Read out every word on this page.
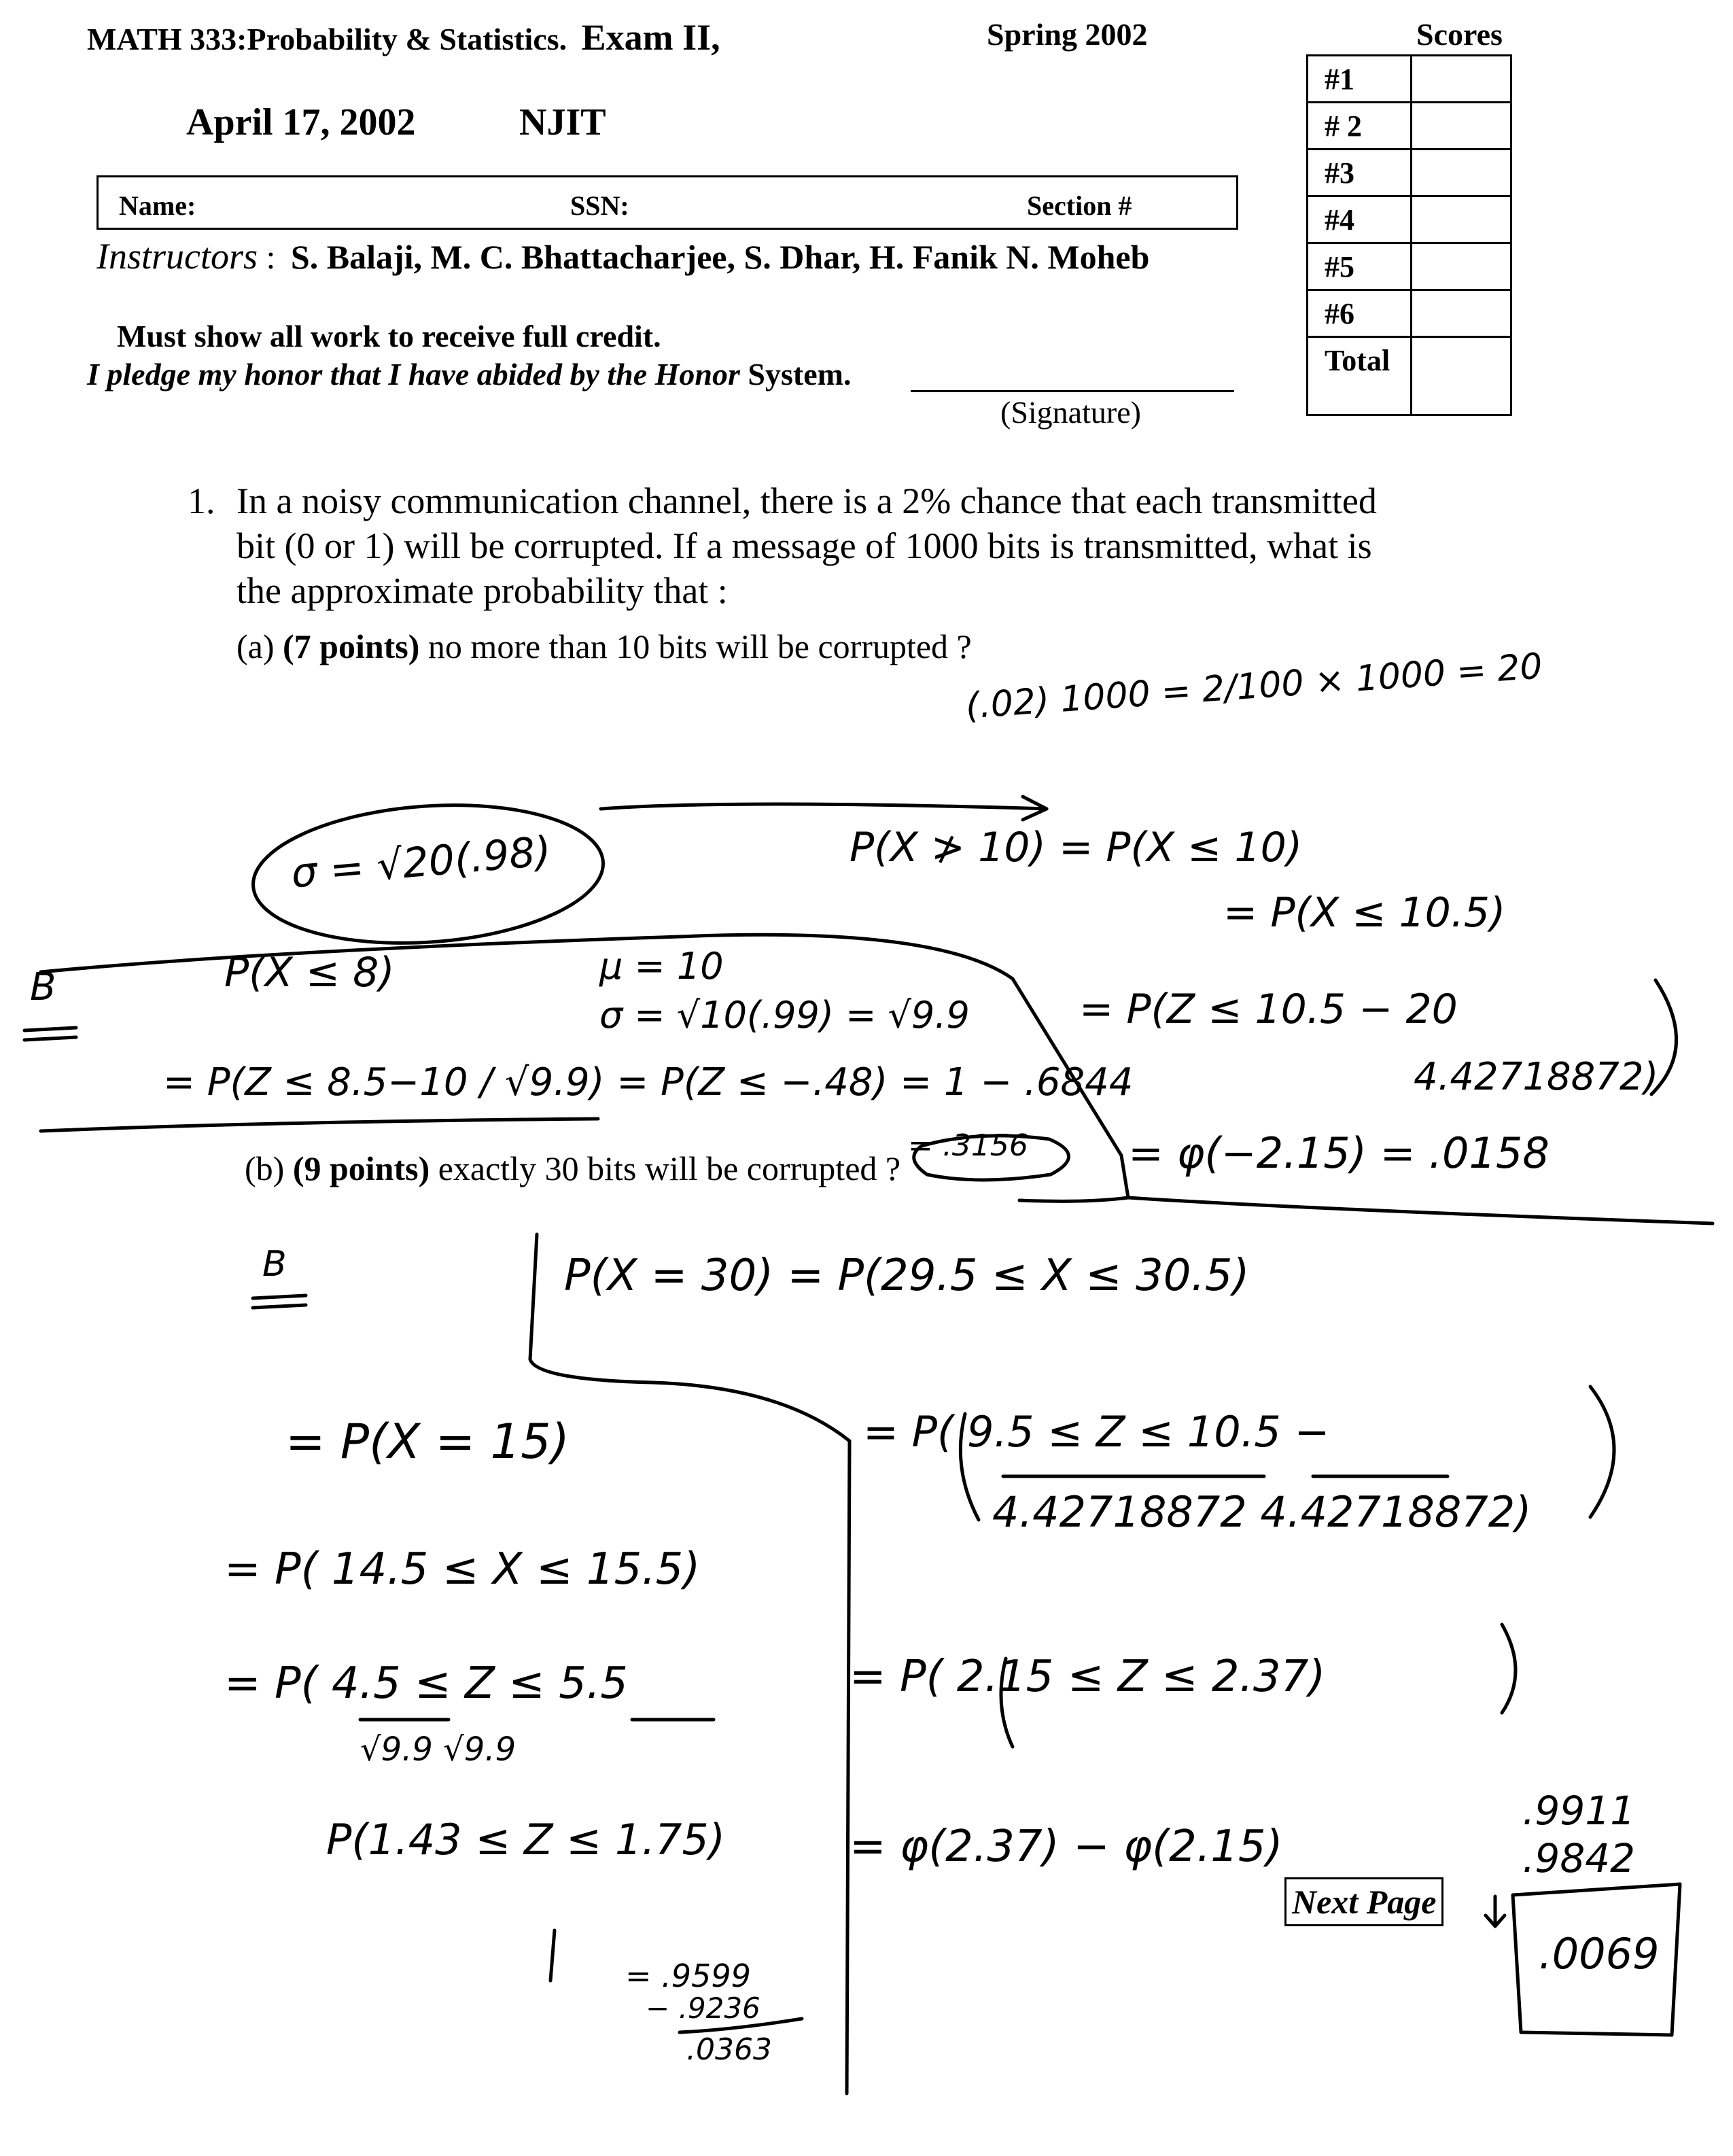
MATH 333:Probability & Statistics. Exam II,	Spring 2002
April 17, 2002	NJIT
Name:	SSN:	Section #
Instructors : S. Balaji, M. C. Bhattacharjee, S. Dhar, H. Fanik N. Moheb
Must show all work to receive full credit.
I pledge my honor that I have abided by the Honor System.
(Signature)
Scores
#1	
# 2	
#3	
#4	
#5	
#6	
Total	
1. In a noisy communication channel, there is a 2% chance that each transmitted
bit (0 or 1) will be corrupted. If a message of 1000 bits is transmitted, what is
the approximate probability that :
(a) (7 points) no more than 10 bits will be corrupted ?
(b) (9 points) exactly 30 bits will be corrupted ?
Next Page
(.02) 1000 = 2/100 × 1000 = 20
σ = √20(.98)	P(X ≯ 10) = P(X ≤ 10)
= P(X ≤ 10.5)
B	P(X ≤ 8)	μ = 10
σ = √10(.99) = √9.9	= P(Z ≤ 10.5 − 20
4.42718872)
= P(Z ≤ 8.5−10 / √9.9) = P(Z ≤ −.48) = 1 − .6844
= .3156 = φ(−2.15) = .0158
B	P(X = 30) = P(29.5 ≤ X ≤ 30.5)
= P(X = 15)	= P( 9.5 ≤ Z ≤ 10.5 −
4.42718872 4.42718872)
= P( 14.5 ≤ X ≤ 15.5)
= P( 4.5 ≤ Z ≤ 5.5
√9.9 √9.9
= P( 2.15 ≤ Z ≤ 2.37)
P(1.43 ≤ Z ≤ 1.75)	= φ(2.37) − φ(2.15)
.9911
.9842
.0069
= .9599
− .9236
.0363
